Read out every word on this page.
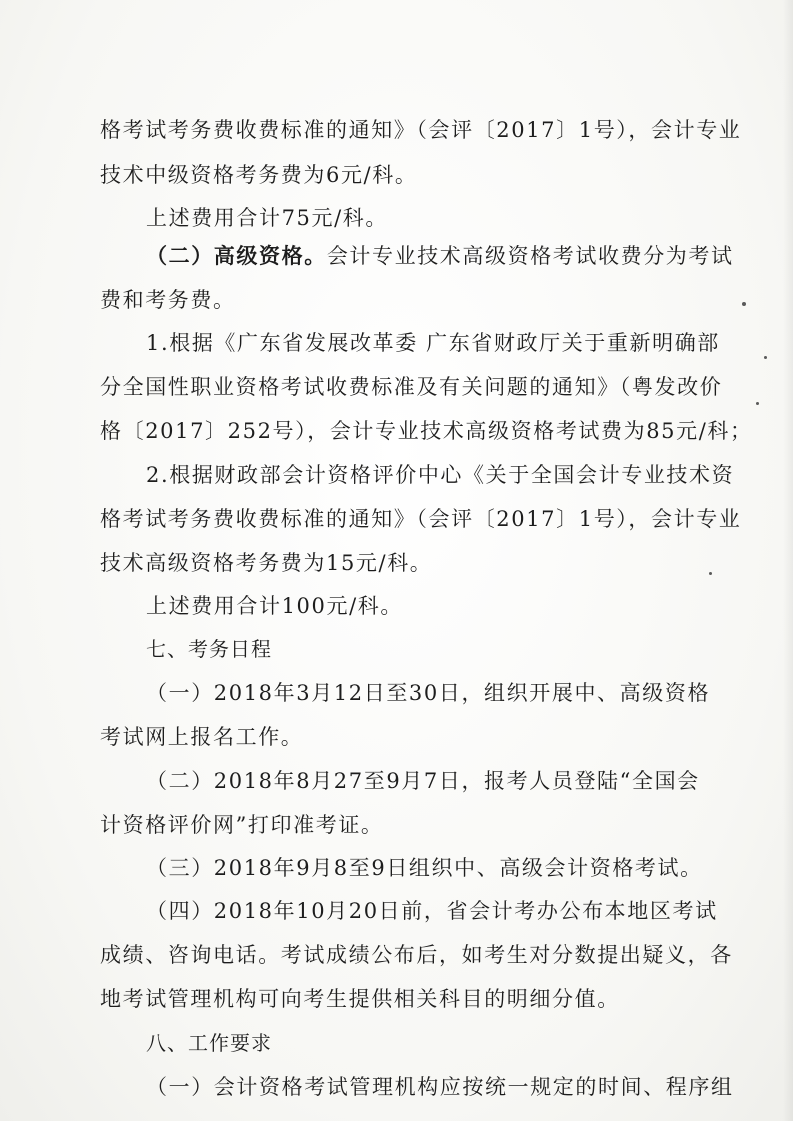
格考试考务费收费标准的通知》（会评〔2017〕1号），会计专业
技术中级资格考务费为6元/科。
上述费用合计75元/科。
（二）高级资格。会计专业技术高级资格考试收费分为考试
费和考务费。
1.根据《广东省发展改革委 广东省财政厅关于重新明确部
分全国性职业资格考试收费标准及有关问题的通知》（粤发改价
格〔2017〕252号），会计专业技术高级资格考试费为85元/科；
2.根据财政部会计资格评价中心《关于全国会计专业技术资
格考试考务费收费标准的通知》（会评〔2017〕1号），会计专业
技术高级资格考务费为15元/科。
上述费用合计100元/科。
七、考务日程
（一）2018年3月12日至30日，组织开展中、高级资格
考试网上报名工作。
（二）2018年8月27至9月7日，报考人员登陆“全国会
计资格评价网”打印准考证。
（三）2018年9月8至9日组织中、高级会计资格考试。
（四）2018年10月20日前，省会计考办公布本地区考试
成绩、咨询电话。考试成绩公布后，如考生对分数提出疑义，各
地考试管理机构可向考生提供相关科目的明细分值。
八、工作要求
（一）会计资格考试管理机构应按统一规定的时间、程序组
